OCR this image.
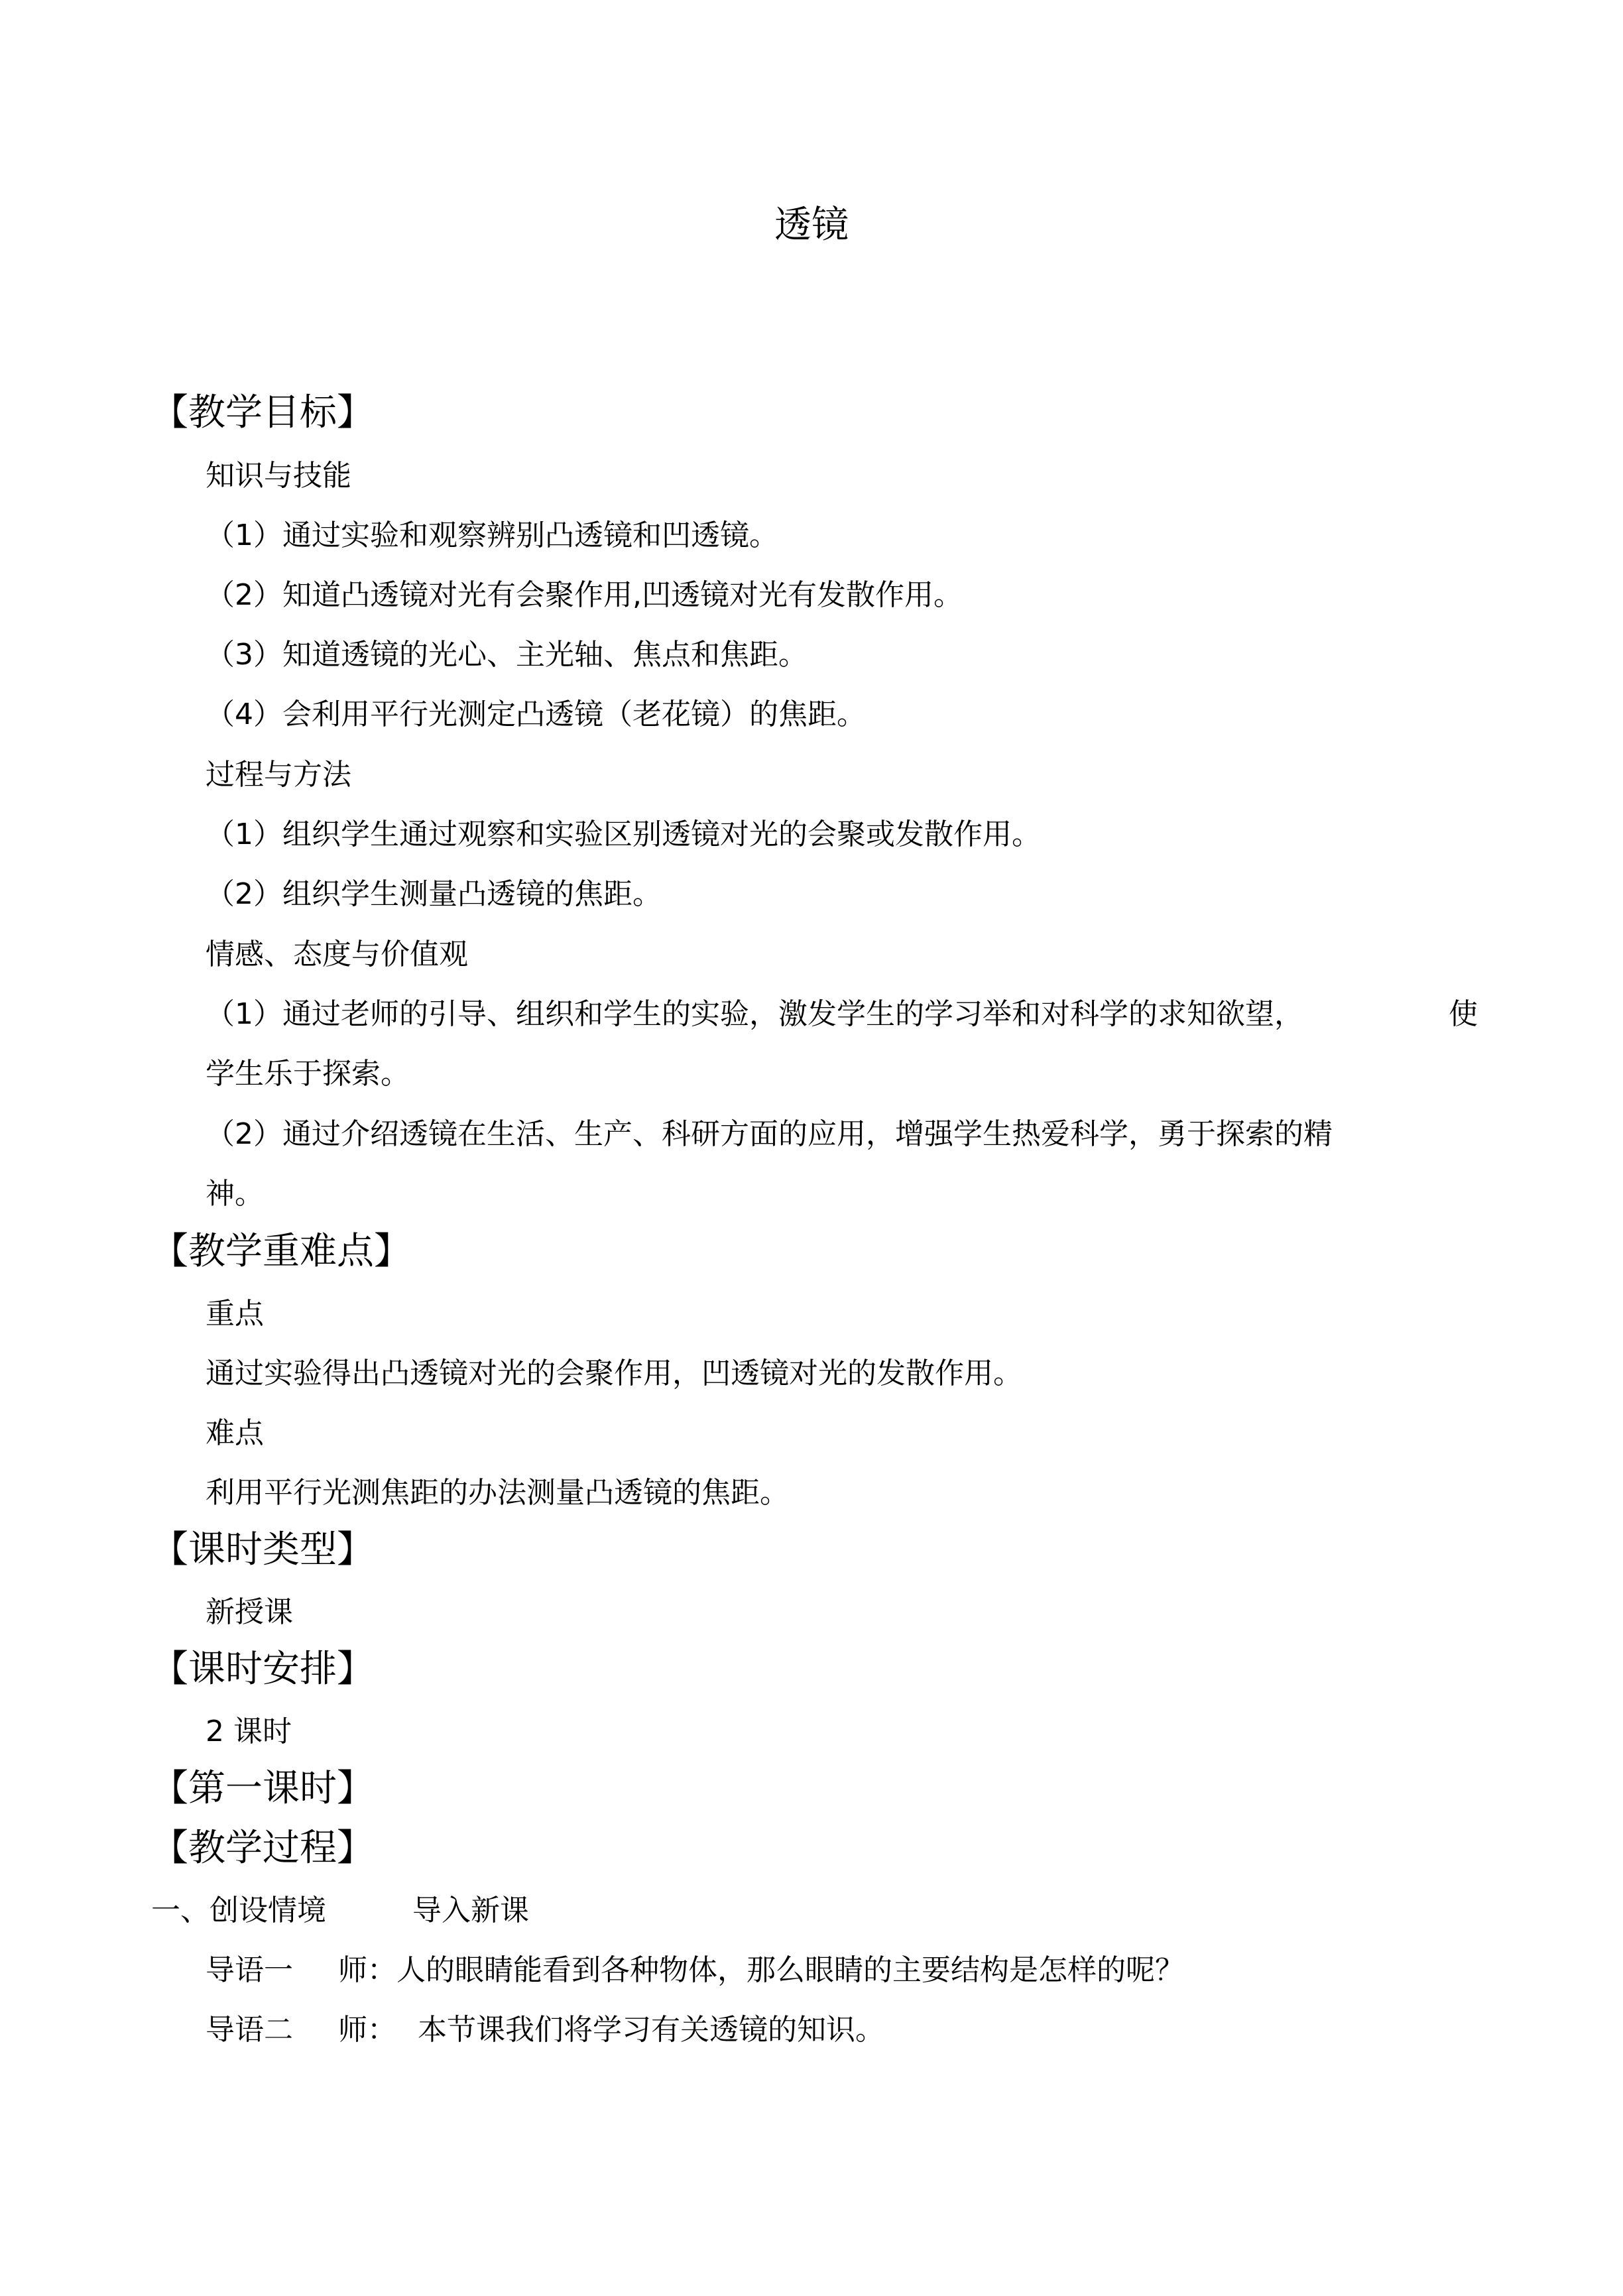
透镜
【教学目标】
知识与技能
（1）通过实验和观察辨别凸透镜和凹透镜。
（2）知道凸透镜对光有会聚作用,凹透镜对光有发散作用。
（3）知道透镜的光心、主光轴、焦点和焦距。
（4）会利用平行光测定凸透镜（老花镜）的焦距。
过程与方法
（1）组织学生通过观察和实验区别透镜对光的会聚或发散作用。
（2）组织学生测量凸透镜的焦距。
情感、态度与价值观
（1）通过老师的引导、组织和学生的实验，激发学生的学习举和对科学的求知欲望，	使
学生乐于探索。
（2）通过介绍透镜在生活、生产、科研方面的应用，增强学生热爱科学，勇于探索的精
神。
【教学重难点】
重点
通过实验得出凸透镜对光的会聚作用，凹透镜对光的发散作用。
难点
利用平行光测焦距的办法测量凸透镜的焦距。
【课时类型】
新授课
【课时安排】
2 课时
【第一课时】
【教学过程】
一、创设情境	导入新课
导语一 师：人的眼睛能看到各种物体，那么眼睛的主要结构是怎样的呢？
导语二 师： 本节课我们将学习有关透镜的知识。
